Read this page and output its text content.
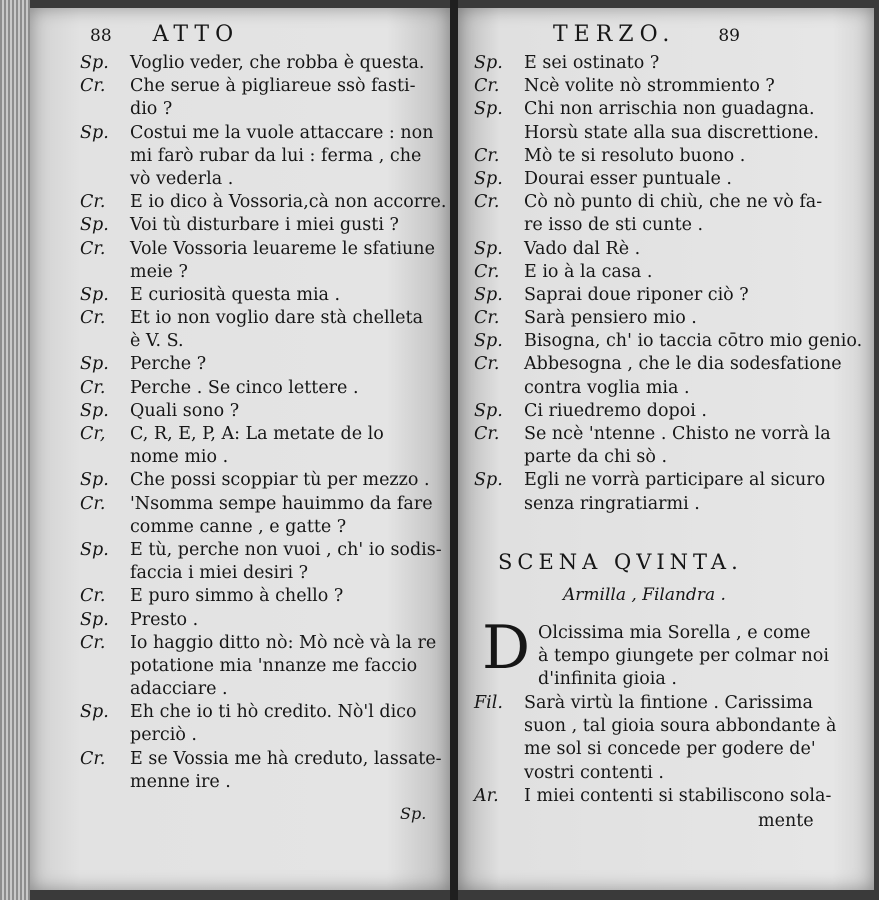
88 ATTO
Sp. Voglio veder, che robba è questa.
Cr. Che serue à pigliareue ssò fasti-
dio ?
Sp. Costui me la vuole attaccare : non
mi farò rubar da lui : ferma , che
vò vederla .
Cr. E io dico à Vossoria,cà non accorre.
Sp. Voi tù disturbare i miei gusti ?
Cr. Vole Vossoria leuareme le sfatiune
meie ?
Sp. E curiosità questa mia .
Cr. Et io non voglio dare stà chelleta
è V. S.
Sp. Perche ?
Cr. Perche . Se cinco lettere .
Sp. Quali sono ?
Cr, C, R, E, P, A: La metate de lo
nome mio .
Sp. Che possi scoppiar tù per mezzo .
Cr. 'Nsomma sempe hauimmo da fare
comme canne , e gatte ?
Sp. E tù, perche non vuoi , ch' io sodis-
faccia i miei desiri ?
Cr. E puro simmo à chello ?
Sp. Presto .
Cr. Io haggio ditto nò: Mò ncè và la re
potatione mia 'nnanze me faccio
adacciare .
Sp. Eh che io ti hò credito. Nò'l dico
perciò .
Cr. E se Vossia me hà creduto, lassate-
menne ire .
Sp.
TERZO.	89
Sp. E sei ostinato ?
Cr. Ncè volite nò strommiento ?
Sp. Chi non arrischia non guadagna.
Horsù state alla sua discrettione.
Cr. Mò te si resoluto buono .
Sp. Dourai esser puntuale .
Cr. Cò nò punto di chiù, che ne vò fa-
re isso de sti cunte .
Sp. Vado dal Rè .
Cr. E io à la casa .
Sp. Saprai doue riponer ciò ?
Cr. Sarà pensiero mio .
Sp. Bisogna, ch' io taccia cōtro mio genio.
Cr. Abbesogna , che le dia sodesfatione
contra voglia mia .
Sp. Ci riuedremo dopoi .
Cr. Se ncè 'ntenne . Chisto ne vorrà la
parte da chi sò .
Sp. Egli ne vorrà participare al sicuro
senza ringratiarmi .
SCENA QVINTA.
Armilla , Filandra .
D Olcissima mia Sorella , e come
à tempo giungete per colmar noi
d'infinita gioia .
Fil. Sarà virtù la fintione . Carissima
suon , tal gioia soura abbondante à
me sol si concede per godere de'
vostri contenti .
Ar. I miei contenti si stabiliscono sola-
mente
